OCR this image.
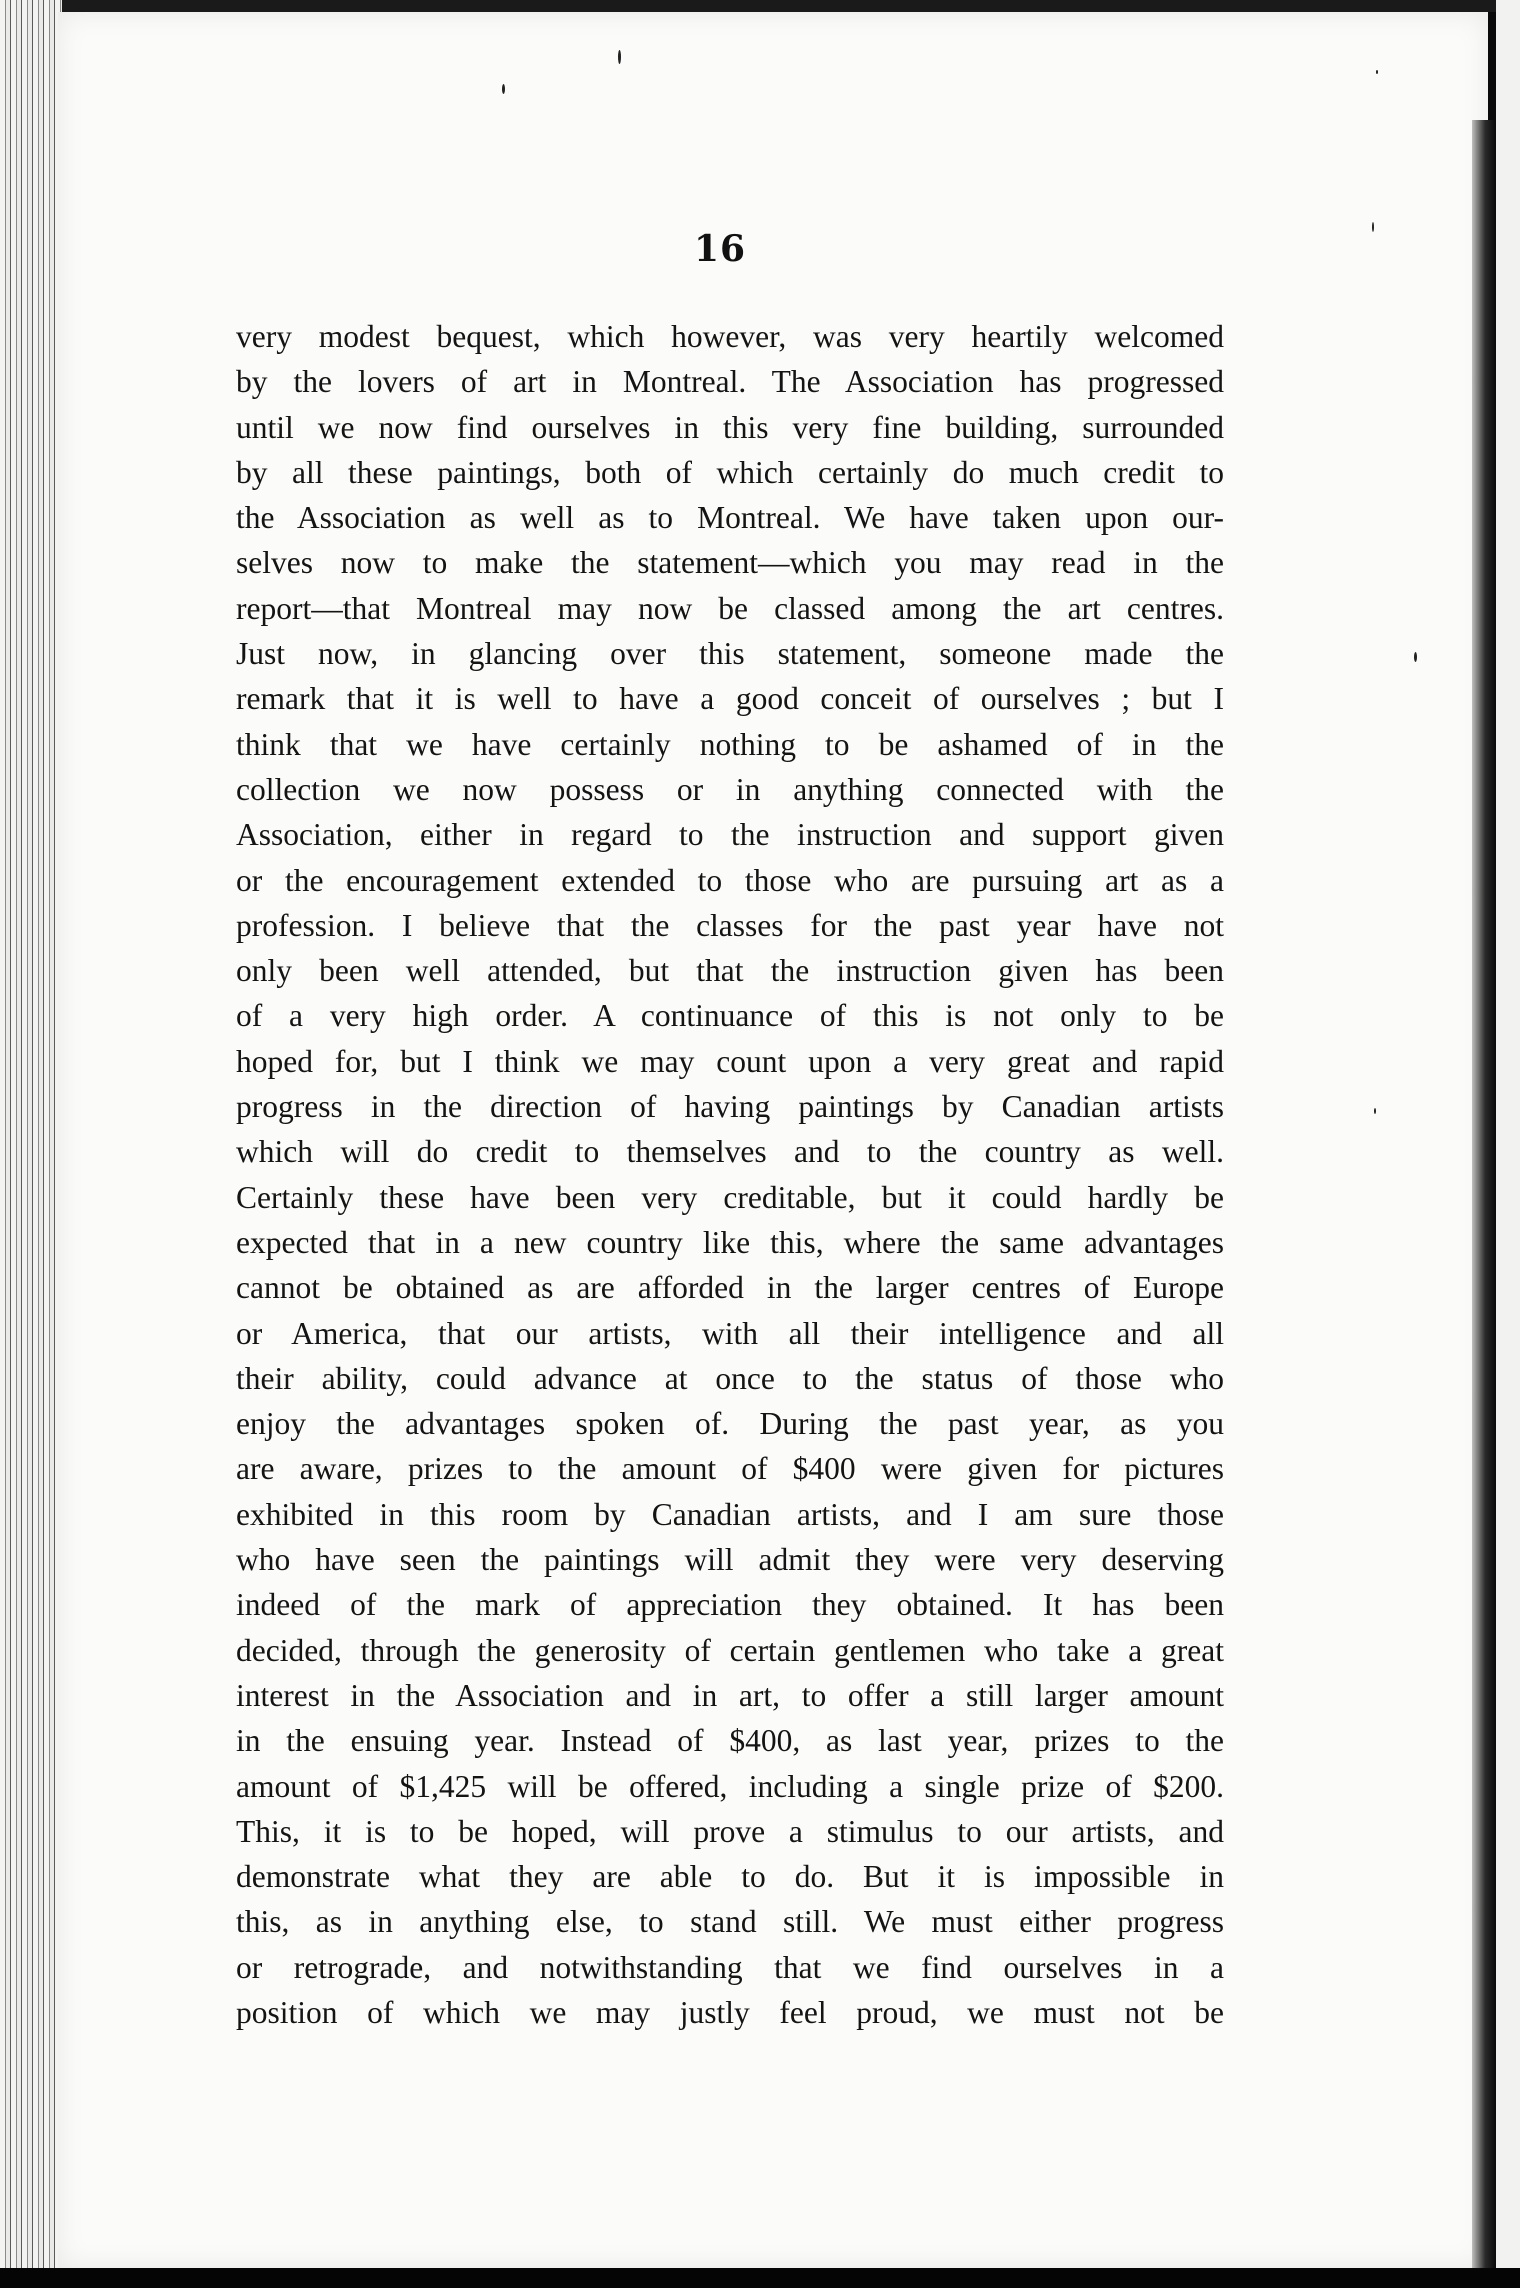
16
very modest bequest, which however, was very heartily welcomed
by the lovers of art in Montreal. The Association has progressed
until we now find ourselves in this very fine building, surrounded
by all these paintings, both of which certainly do much credit to
the Association as well as to Montreal. We have taken upon our-
selves now to make the statement—which you may read in the
report—that Montreal may now be classed among the art centres.
Just now, in glancing over this statement, someone made the
remark that it is well to have a good conceit of ourselves ; but I
think that we have certainly nothing to be ashamed of in the
collection we now possess or in anything connected with the
Association, either in regard to the instruction and support given
or the encouragement extended to those who are pursuing art as a
profession. I believe that the classes for the past year have not
only been well attended, but that the instruction given has been
of a very high order. A continuance of this is not only to be
hoped for, but I think we may count upon a very great and rapid
progress in the direction of having paintings by Canadian artists
which will do credit to themselves and to the country as well.
Certainly these have been very creditable, but it could hardly be
expected that in a new country like this, where the same advantages
cannot be obtained as are afforded in the larger centres of Europe
or America, that our artists, with all their intelligence and all
their ability, could advance at once to the status of those who
enjoy the advantages spoken of. During the past year, as you
are aware, prizes to the amount of $400 were given for pictures
exhibited in this room by Canadian artists, and I am sure those
who have seen the paintings will admit they were very deserving
indeed of the mark of appreciation they obtained. It has been
decided, through the generosity of certain gentlemen who take a great
interest in the Association and in art, to offer a still larger amount
in the ensuing year. Instead of $400, as last year, prizes to the
amount of $1,425 will be offered, including a single prize of $200.
This, it is to be hoped, will prove a stimulus to our artists, and
demonstrate what they are able to do. But it is impossible in
this, as in anything else, to stand still. We must either progress
or retrograde, and notwithstanding that we find ourselves in a
position of which we may justly feel proud, we must not be
